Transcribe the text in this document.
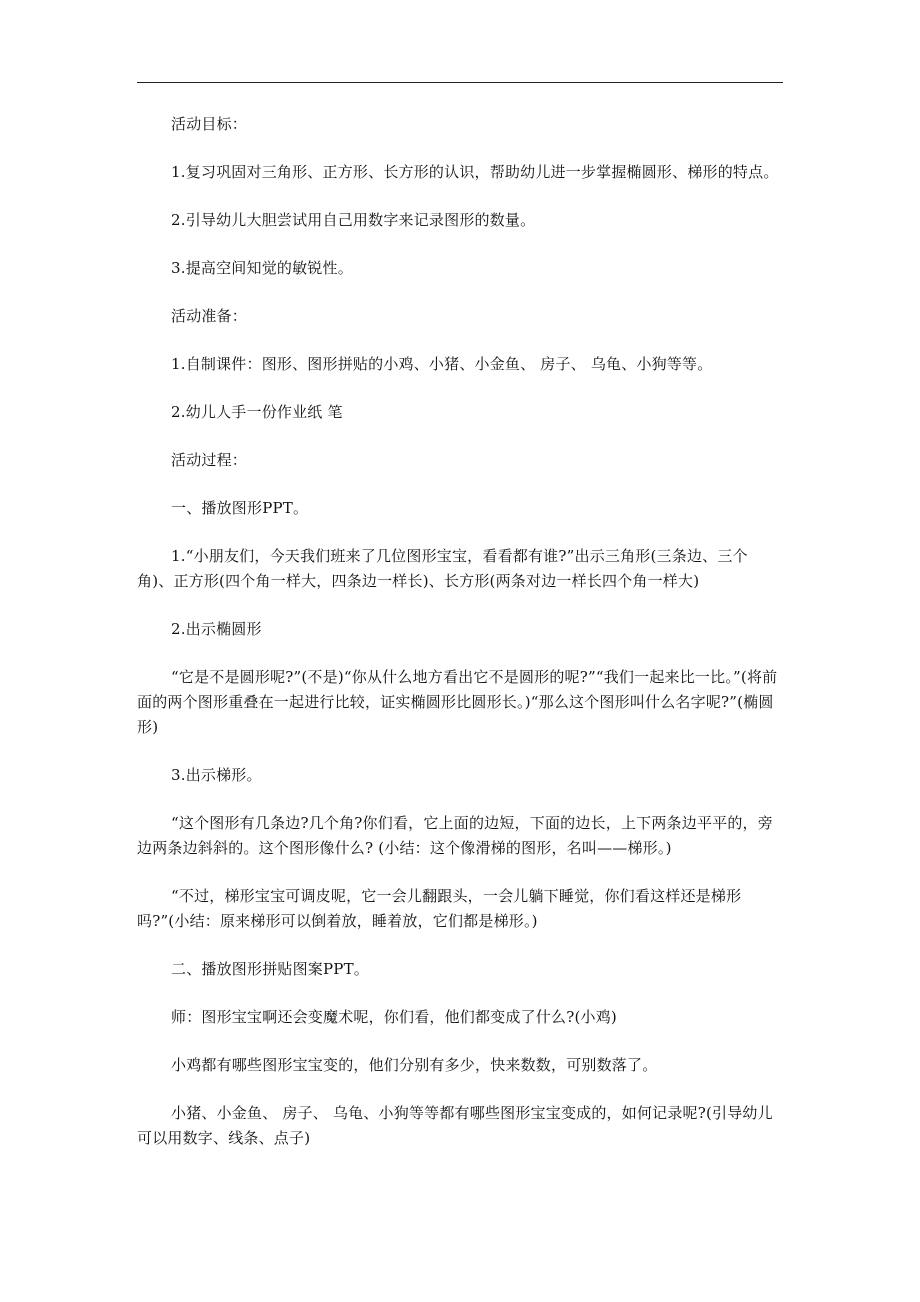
活动目标：

1.复习巩固对三角形、正方形、长方形的认识，帮助幼儿进一步掌握椭圆形、梯形的特点。

2.引导幼儿大胆尝试用自己用数字来记录图形的数量。

3.提高空间知觉的敏锐性。

活动准备：

1.自制课件：图形、图形拼贴的小鸡、小猪、小金鱼、 房子、 乌龟、小狗等等。

2.幼儿人手一份作业纸 笔

活动过程：

一、播放图形PPT。

1.“小朋友们，今天我们班来了几位图形宝宝，看看都有谁?”出示三角形(三条边、三个角)、正方形(四个角一样大，四条边一样长)、长方形(两条对边一样长四个角一样大)

2.出示椭圆形

“它是不是圆形呢?”(不是)“你从什么地方看出它不是圆形的呢?”“我们一起来比一比。”(将前面的两个图形重叠在一起进行比较，证实椭圆形比圆形长。)“那么这个图形叫什么名字呢?”(椭圆形)

3.出示梯形。

“这个图形有几条边?几个角?你们看，它上面的边短，下面的边长，上下两条边平平的，旁边两条边斜斜的。这个图形像什么? (小结：这个像滑梯的图形，名叫——梯形。)

“不过，梯形宝宝可调皮呢，它一会儿翻跟头，一会儿躺下睡觉，你们看这样还是梯形吗?”(小结：原来梯形可以倒着放，睡着放，它们都是梯形。)

二、播放图形拼贴图案PPT。

师：图形宝宝啊还会变魔术呢，你们看，他们都变成了什么?(小鸡)

小鸡都有哪些图形宝宝变的，他们分别有多少，快来数数，可别数落了。

小猪、小金鱼、 房子、 乌龟、小狗等等都有哪些图形宝宝变成的，如何记录呢?(引导幼儿可以用数字、线条、点子)
